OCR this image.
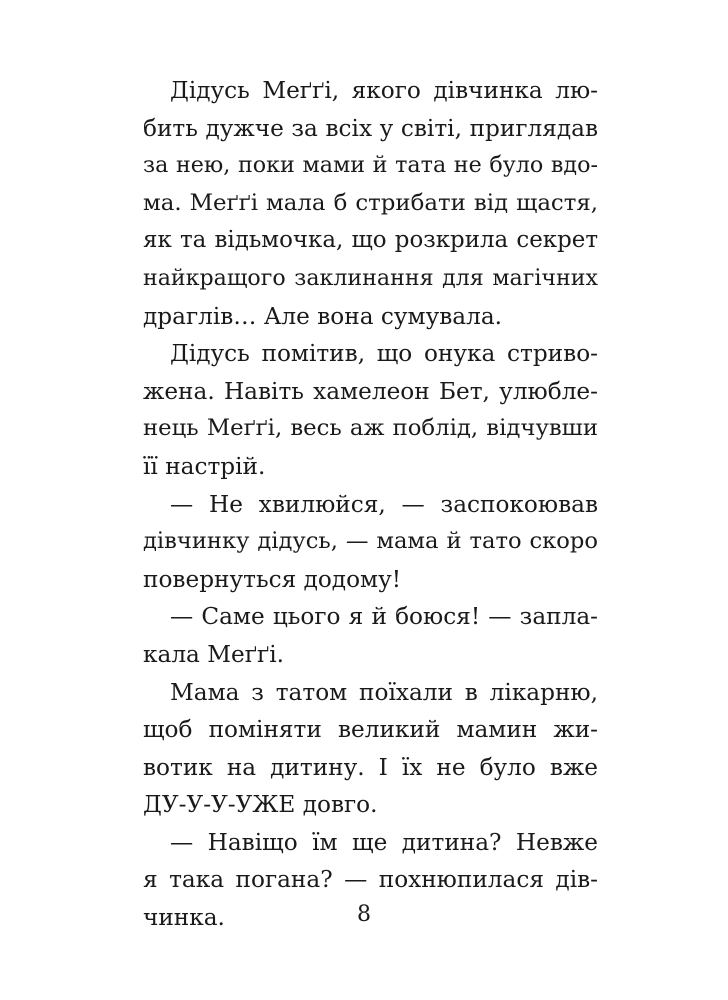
Дідусь Меґґі, якого дівчинка лю-
бить дужче за всіх у світі, приглядав
за нею, поки мами й тата не було вдо-
ма. Меґґі мала б стрибати від щастя,
як та відьмочка, що розкрила секрет
найкращого заклинання для магічних
драглів… Але вона сумувала.
Дідусь помітив, що онука стриво-
жена. Навіть хамелеон Бет, улюбле-
нець Меґґі, весь аж поблід, відчувши
її настрій.
— Не хвилюйся, — заспокоював
дівчинку дідусь, — мама й тато скоро
повернуться додому!
— Саме цього я й боюся! — запла-
кала Меґґі.
Мама з татом поїхали в лікарню,
щоб поміняти великий мамин жи-
вотик на дитину. І їх не було вже
ДУ-У-У-УЖЕ довго.
— Навіщо їм ще дитина? Невже
я така погана? — похнюпилася дів-
чинка.	8
